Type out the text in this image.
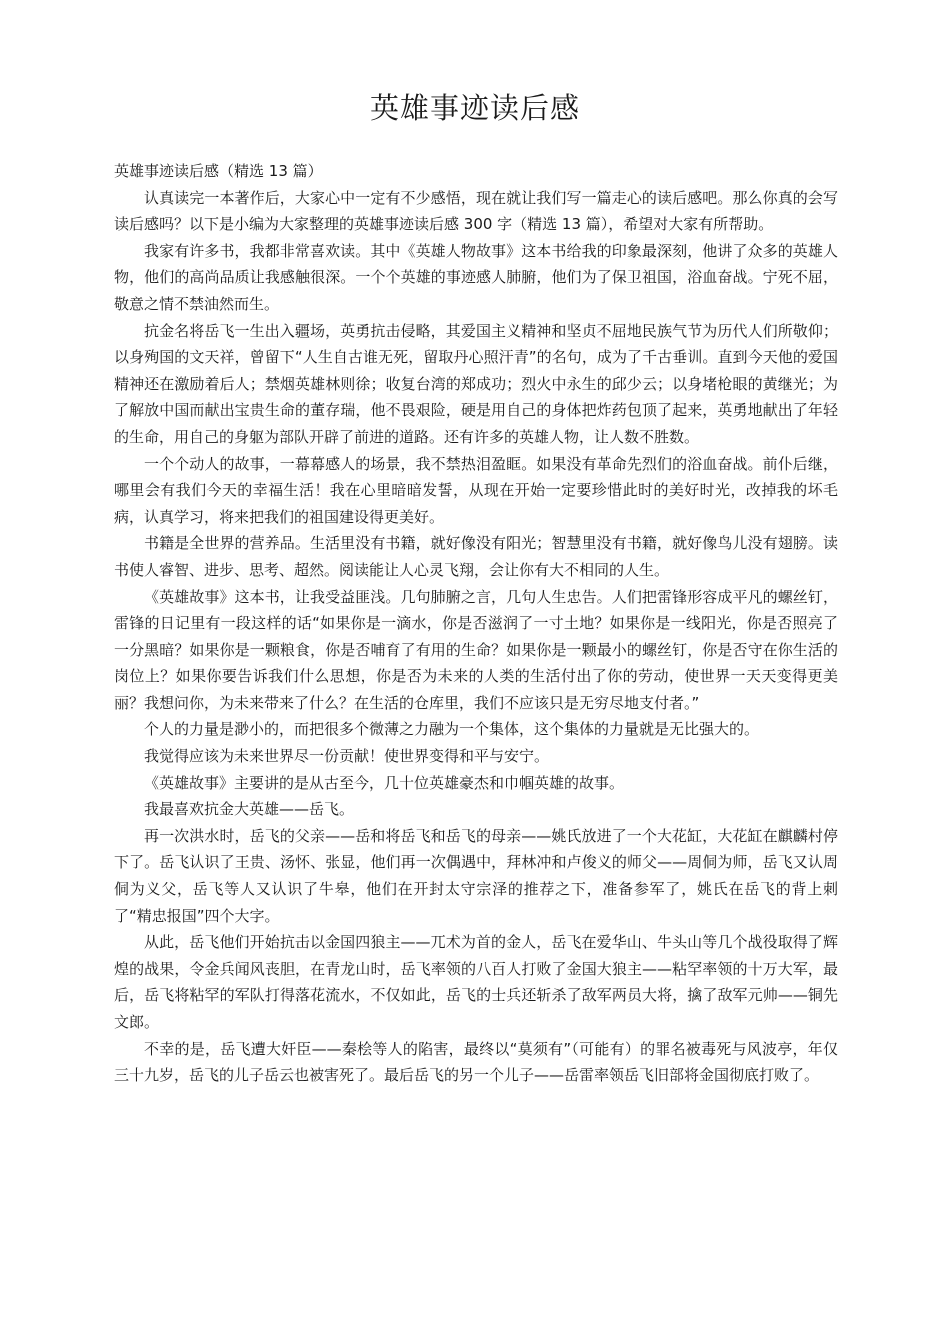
英雄事迹读后感

英雄事迹读后感（精选 13 篇）

认真读完一本著作后，大家心中一定有不少感悟，现在就让我们写一篇走心的读后感吧。那么你真的会写读后感吗？以下是小编为大家整理的英雄事迹读后感 300 字（精选 13 篇），希望对大家有所帮助。

我家有许多书，我都非常喜欢读。其中《英雄人物故事》这本书给我的印象最深刻，他讲了众多的英雄人物，他们的高尚品质让我感触很深。一个个英雄的事迹感人肺腑，他们为了保卫祖国，浴血奋战。宁死不屈，敬意之情不禁油然而生。

抗金名将岳飞一生出入疆场，英勇抗击侵略，其爱国主义精神和坚贞不屈地民族气节为历代人们所敬仰；以身殉国的文天祥，曾留下“人生自古谁无死，留取丹心照汗青”的名句，成为了千古垂训。直到今天他的爱国精神还在激励着后人；禁烟英雄林则徐；收复台湾的郑成功；烈火中永生的邱少云；以身堵枪眼的黄继光；为了解放中国而献出宝贵生命的董存瑞，他不畏艰险，硬是用自己的身体把炸药包顶了起来，英勇地献出了年轻的生命，用自己的身躯为部队开辟了前进的道路。还有许多的英雄人物，让人数不胜数。

一个个动人的故事，一幕幕感人的场景，我不禁热泪盈眶。如果没有革命先烈们的浴血奋战。前仆后继，哪里会有我们今天的幸福生活！我在心里暗暗发誓，从现在开始一定要珍惜此时的美好时光，改掉我的坏毛病，认真学习，将来把我们的祖国建设得更美好。

书籍是全世界的营养品。生活里没有书籍，就好像没有阳光；智慧里没有书籍，就好像鸟儿没有翅膀。读书使人睿智、进步、思考、超然。阅读能让人心灵飞翔，会让你有大不相同的人生。

《英雄故事》这本书，让我受益匪浅。几句肺腑之言，几句人生忠告。人们把雷锋形容成平凡的螺丝钉，雷锋的日记里有一段这样的话“如果你是一滴水，你是否滋润了一寸土地？如果你是一线阳光，你是否照亮了一分黑暗？如果你是一颗粮食，你是否哺育了有用的生命？如果你是一颗最小的螺丝钉，你是否守在你生活的岗位上？如果你要告诉我们什么思想，你是否为未来的人类的生活付出了你的劳动，使世界一天天变得更美丽？我想问你，为未来带来了什么？在生活的仓库里，我们不应该只是无穷尽地支付者。”

个人的力量是渺小的，而把很多个微薄之力融为一个集体，这个集体的力量就是无比强大的。

我觉得应该为未来世界尽一份贡献！使世界变得和平与安宁。

《英雄故事》主要讲的是从古至今，几十位英雄豪杰和巾帼英雄的故事。

我最喜欢抗金大英雄——岳飞。

再一次洪水时，岳飞的父亲——岳和将岳飞和岳飞的母亲——姚氏放进了一个大花缸，大花缸在麒麟村停下了。岳飞认识了王贵、汤怀、张显，他们再一次偶遇中，拜林冲和卢俊义的师父——周侗为师，岳飞又认周侗为义父，岳飞等人又认识了牛皋，他们在开封太守宗泽的推荐之下，准备参军了，姚氏在岳飞的背上刺了“精忠报国”四个大字。

从此，岳飞他们开始抗击以金国四狼主——兀术为首的金人，岳飞在爱华山、牛头山等几个战役取得了辉煌的战果，令金兵闻风丧胆，在青龙山时，岳飞率领的八百人打败了金国大狼主——粘罕率领的十万大军，最后，岳飞将粘罕的军队打得落花流水，不仅如此，岳飞的士兵还斩杀了敌军两员大将，擒了敌军元帅——铜先文郎。

不幸的是，岳飞遭大奸臣——秦桧等人的陷害，最终以“莫须有”（可能有）的罪名被毒死与风波亭，年仅三十九岁，岳飞的儿子岳云也被害死了。最后岳飞的另一个儿子——岳雷率领岳飞旧部将金国彻底打败了。
